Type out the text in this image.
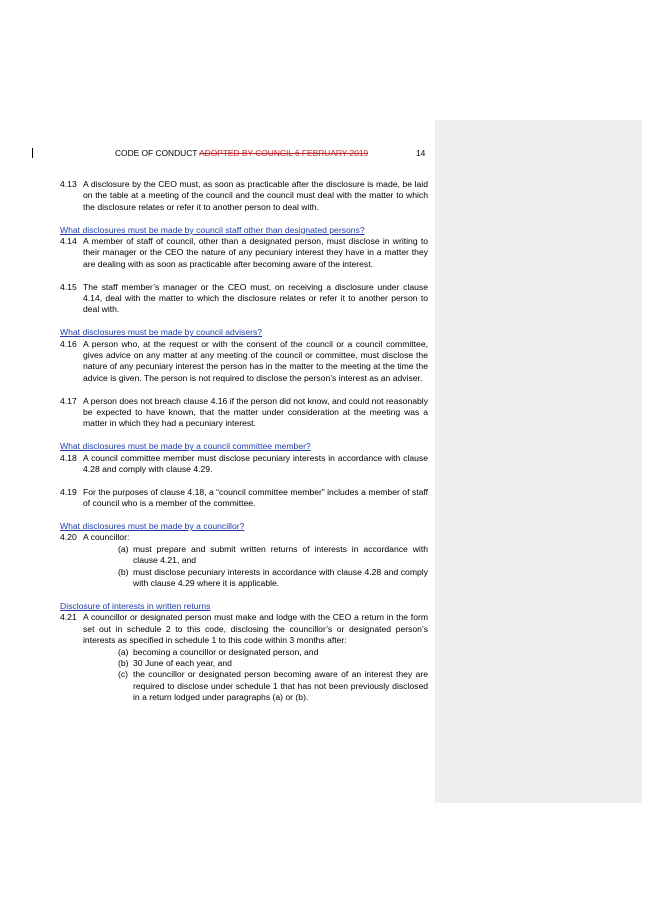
CODE OF CONDUCT ADOPTED BY COUNCIL 6 FEBRUARY 2019	14
4.13 A disclosure by the CEO must, as soon as practicable after the disclosure is made, be laid on the table at a meeting of the council and the council must deal with the matter to which the disclosure relates or refer it to another person to deal with.
What disclosures must be made by council staff other than designated persons?
4.14 A member of staff of council, other than a designated person, must disclose in writing to their manager or the CEO the nature of any pecuniary interest they have in a matter they are dealing with as soon as practicable after becoming aware of the interest.
4.15 The staff member’s manager or the CEO must, on receiving a disclosure under clause 4.14, deal with the matter to which the disclosure relates or refer it to another person to deal with.
What disclosures must be made by council advisers?
4.16 A person who, at the request or with the consent of the council or a council committee, gives advice on any matter at any meeting of the council or committee, must disclose the nature of any pecuniary interest the person has in the matter to the meeting at the time the advice is given. The person is not required to disclose the person’s interest as an adviser.
4.17 A person does not breach clause 4.16 if the person did not know, and could not reasonably be expected to have known, that the matter under consideration at the meeting was a matter in which they had a pecuniary interest.
What disclosures must be made by a council committee member?
4.18 A council committee member must disclose pecuniary interests in accordance with clause 4.28 and comply with clause 4.29.
4.19 For the purposes of clause 4.18, a “council committee member” includes a member of staff of council who is a member of the committee.
What disclosures must be made by a councillor?
4.20 A councillor:
(a) must prepare and submit written returns of interests in accordance with clause 4.21, and
(b) must disclose pecuniary interests in accordance with clause 4.28 and comply with clause 4.29 where it is applicable.
Disclosure of interests in written returns
4.21 A councillor or designated person must make and lodge with the CEO a return in the form set out in schedule 2 to this code, disclosing the councillor’s or designated person’s interests as specified in schedule 1 to this code within 3 months after:
(a) becoming a councillor or designated person, and
(b) 30 June of each year, and
(c) the councillor or designated person becoming aware of an interest they are required to disclose under schedule 1 that has not been previously disclosed in a return lodged under paragraphs (a) or (b).
